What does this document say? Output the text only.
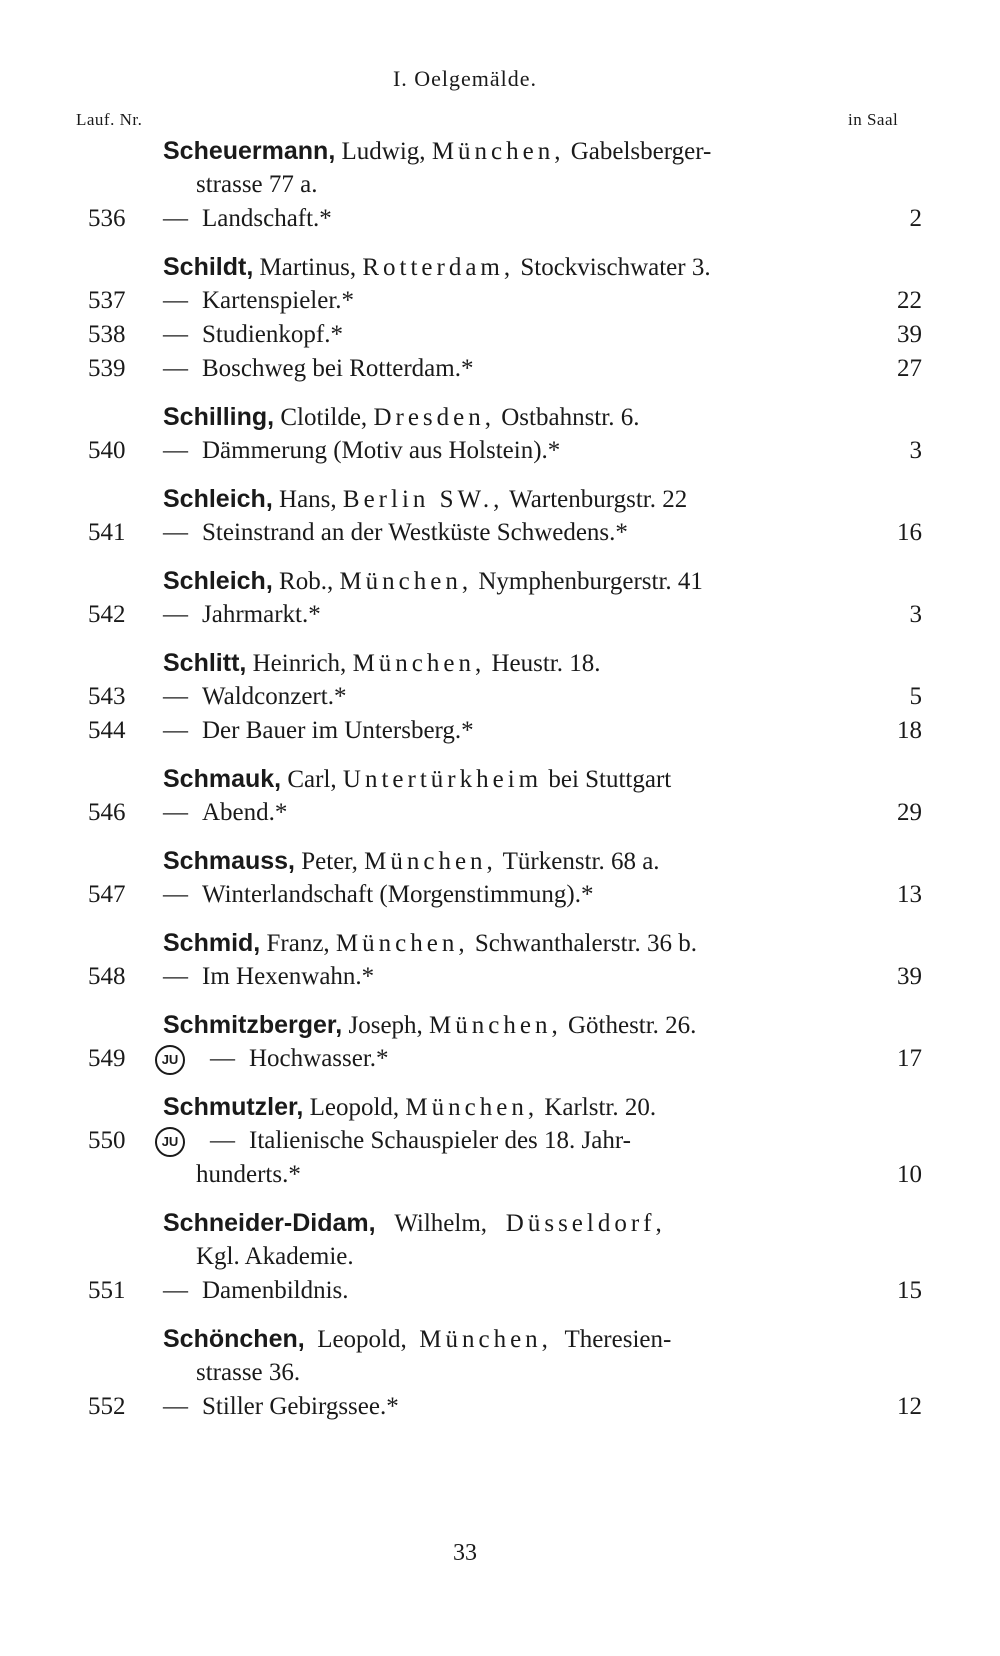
I. Oelgemälde.
Lauf. Nr.	in Saal
Scheuermann, Ludwig, München, Gabelsberger-
strasse 77 a.
536	— Landschaft.*	2
Schildt, Martinus, Rotterdam, Stockvischwater 3.
537	— Kartenspieler.*	22
538	— Studienkopf.*	39
539	— Boschweg bei Rotterdam.*	27
Schilling, Clotilde, Dresden, Ostbahnstr. 6.
540	— Dämmerung (Motiv aus Holstein).*	3
Schleich, Hans, Berlin SW., Wartenburgstr. 22
541	— Steinstrand an der Westküste Schwedens.*	16
Schleich, Rob., München, Nymphenburgerstr. 41
542	— Jahrmarkt.*	3
Schlitt, Heinrich, München, Heustr. 18.
543	— Waldconzert.*	5
544	— Der Bauer im Untersberg.*	18
Schmauk, Carl, Untertürkheim bei Stuttgart
546	— Abend.*	29
Schmauss, Peter, München, Türkenstr. 68 a.
547	— Winterlandschaft (Morgenstimmung).*	13
Schmid, Franz, München, Schwanthalerstr. 36 b.
548	— Im Hexenwahn.*	39
Schmitzberger, Joseph, München, Göthestr. 26.
549	JU — Hochwasser.*	17
Schmutzler, Leopold, München, Karlstr. 20.
550	JU — Italienische Schauspieler des 18. Jahr-
hunderts.*	10
Schneider-Didam, Wilhelm, Düsseldorf,
Kgl. Akademie.
551	— Damenbildnis.	15
Schönchen, Leopold, München, Theresien-
strasse 36.
552	— Stiller Gebirgssee.*	12
33
